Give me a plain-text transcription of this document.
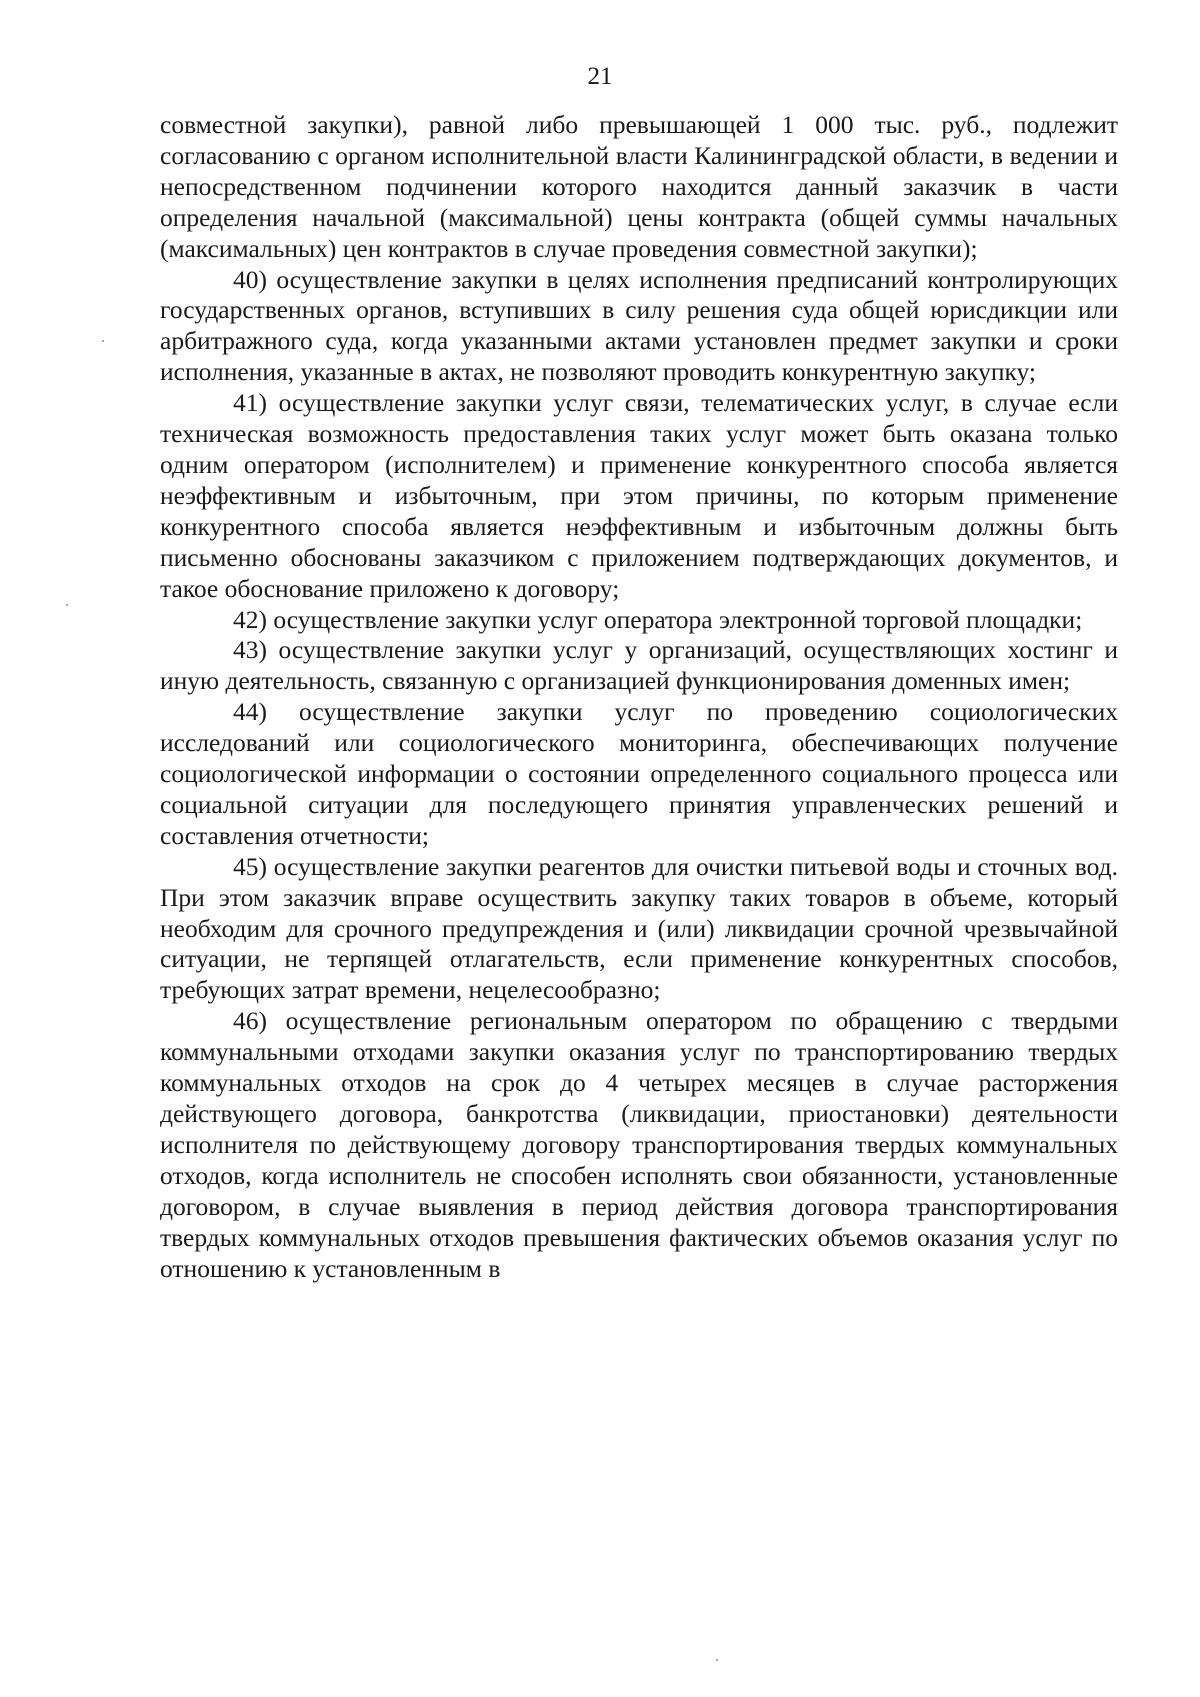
21

совместной закупки), равной либо превышающей 1 000 тыс. руб., подлежит согласованию с органом исполнительной власти Калининградской области, в ведении и непосредственном подчинении которого находится данный заказчик в части определения начальной (максимальной) цены контракта (общей суммы начальных (максимальных) цен контрактов в случае проведения совместной закупки);

40) осуществление закупки в целях исполнения предписаний контролирующих государственных органов, вступивших в силу решения суда общей юрисдикции или арбитражного суда, когда указанными актами установлен предмет закупки и сроки исполнения, указанные в актах, не позволяют проводить конкурентную закупку;

41) осуществление закупки услуг связи, телематических услуг, в случае если техническая возможность предоставления таких услуг может быть оказана только одним оператором (исполнителем) и применение конкурентного способа является неэффективным и избыточным, при этом причины, по которым применение конкурентного способа является неэффективным и избыточным должны быть письменно обоснованы заказчиком с приложением подтверждающих документов, и такое обоснование приложено к договору;

42) осуществление закупки услуг оператора электронной торговой площадки;

43) осуществление закупки услуг у организаций, осуществляющих хостинг и иную деятельность, связанную с организацией функционирования доменных имен;

44) осуществление закупки услуг по проведению социологических исследований или социологического мониторинга, обеспечивающих получение социологической информации о состоянии определенного социального процесса или социальной ситуации для последующего принятия управленческих решений и составления отчетности;

45) осуществление закупки реагентов для очистки питьевой воды и сточных вод. При этом заказчик вправе осуществить закупку таких товаров в объеме, который необходим для срочного предупреждения и (или) ликвидации срочной чрезвычайной ситуации, не терпящей отлагательств, если применение конкурентных способов, требующих затрат времени, нецелесообразно;

46) осуществление региональным оператором по обращению с твердыми коммунальными отходами закупки оказания услуг по транспортированию твердых коммунальных отходов на срок до 4 четырех месяцев в случае расторжения действующего договора, банкротства (ликвидации, приостановки) деятельности исполнителя по действующему договору транспортирования твердых коммунальных отходов, когда исполнитель не способен исполнять свои обязанности, установленные договором, в случае выявления в период действия договора транспортирования твердых коммунальных отходов превышения фактических объемов оказания услуг по отношению к установленным в
